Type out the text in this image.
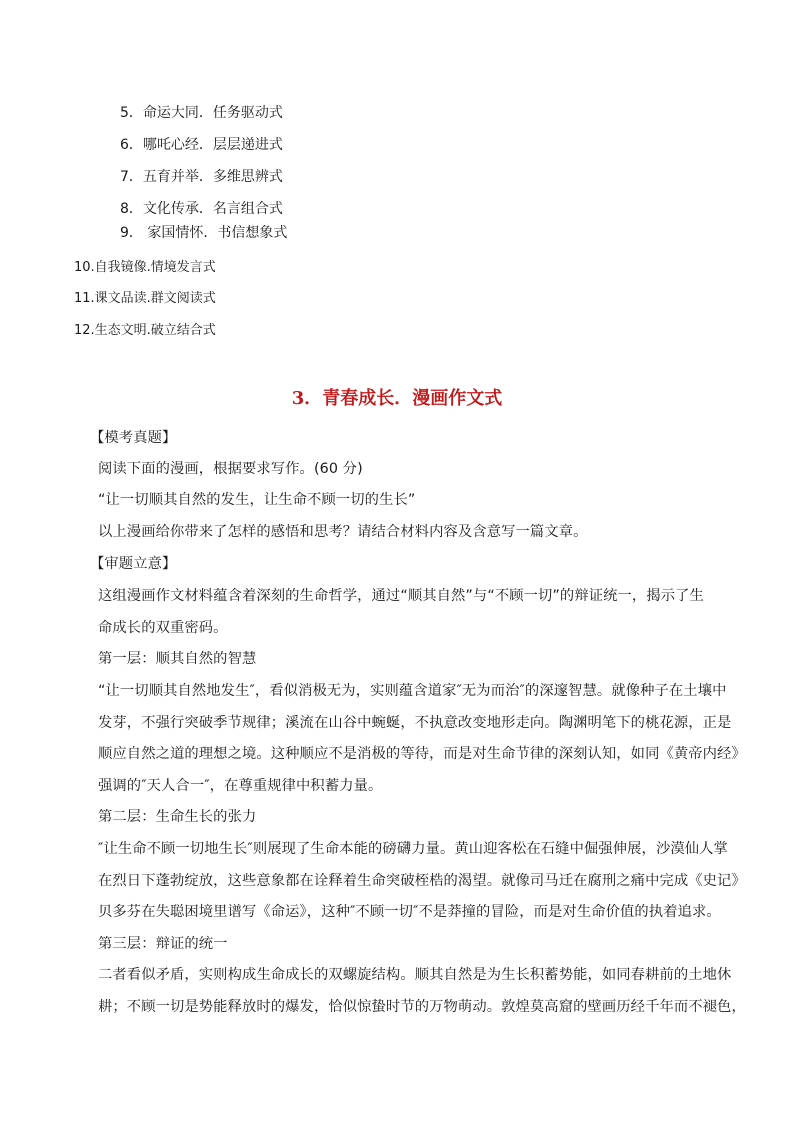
5．命运大同．任务驱动式
6．哪吒心经．层层递进式
7．五育并举．多维思辨式
8．文化传承．名言组合式
9． 家国情怀．书信想象式
10.自我镜像.情境发言式
11.课文品读.群文阅读式
12.生态文明.破立结合式
3．青春成长．漫画作文式
【模考真题】
阅读下面的漫画，根据要求写作。(60 分)
“让一切顺其自然的发生，让生命不顾一切的生长”
以上漫画给你带来了怎样的感悟和思考？请结合材料内容及含意写一篇文章。
【审题立意】
这组漫画作文材料蕴含着深刻的生命哲学，通过“顺其自然”与“不顾一切”的辩证统一，揭示了生
命成长的双重密码。
第一层：顺其自然的智慧
“让一切顺其自然地发生″，看似消极无为，实则蕴含道家″无为而治″的深邃智慧。就像种子在土壤中
发芽，不强行突破季节规律；溪流在山谷中蜿蜒，不执意改变地形走向。陶渊明笔下的桃花源，正是
顺应自然之道的理想之境。这种顺应不是消极的等待，而是对生命节律的深刻认知，如同《黄帝内经》
强调的″天人合一″，在尊重规律中积蓄力量。
第二层：生命生长的张力
″让生命不顾一切地生长″则展现了生命本能的磅礴力量。黄山迎客松在石缝中倔强伸展，沙漠仙人掌
在烈日下蓬勃绽放，这些意象都在诠释着生命突破桎梏的渴望。就像司马迁在腐刑之痛中完成《史记》
贝多芬在失聪困境里谱写《命运》，这种″不顾一切″不是莽撞的冒险，而是对生命价值的执着追求。
第三层：辩证的统一
二者看似矛盾，实则构成生命成长的双螺旋结构。顺其自然是为生长积蓄势能，如同春耕前的土地休
耕；不顾一切是势能释放时的爆发，恰似惊蛰时节的万物萌动。敦煌莫高窟的壁画历经千年而不褪色，
